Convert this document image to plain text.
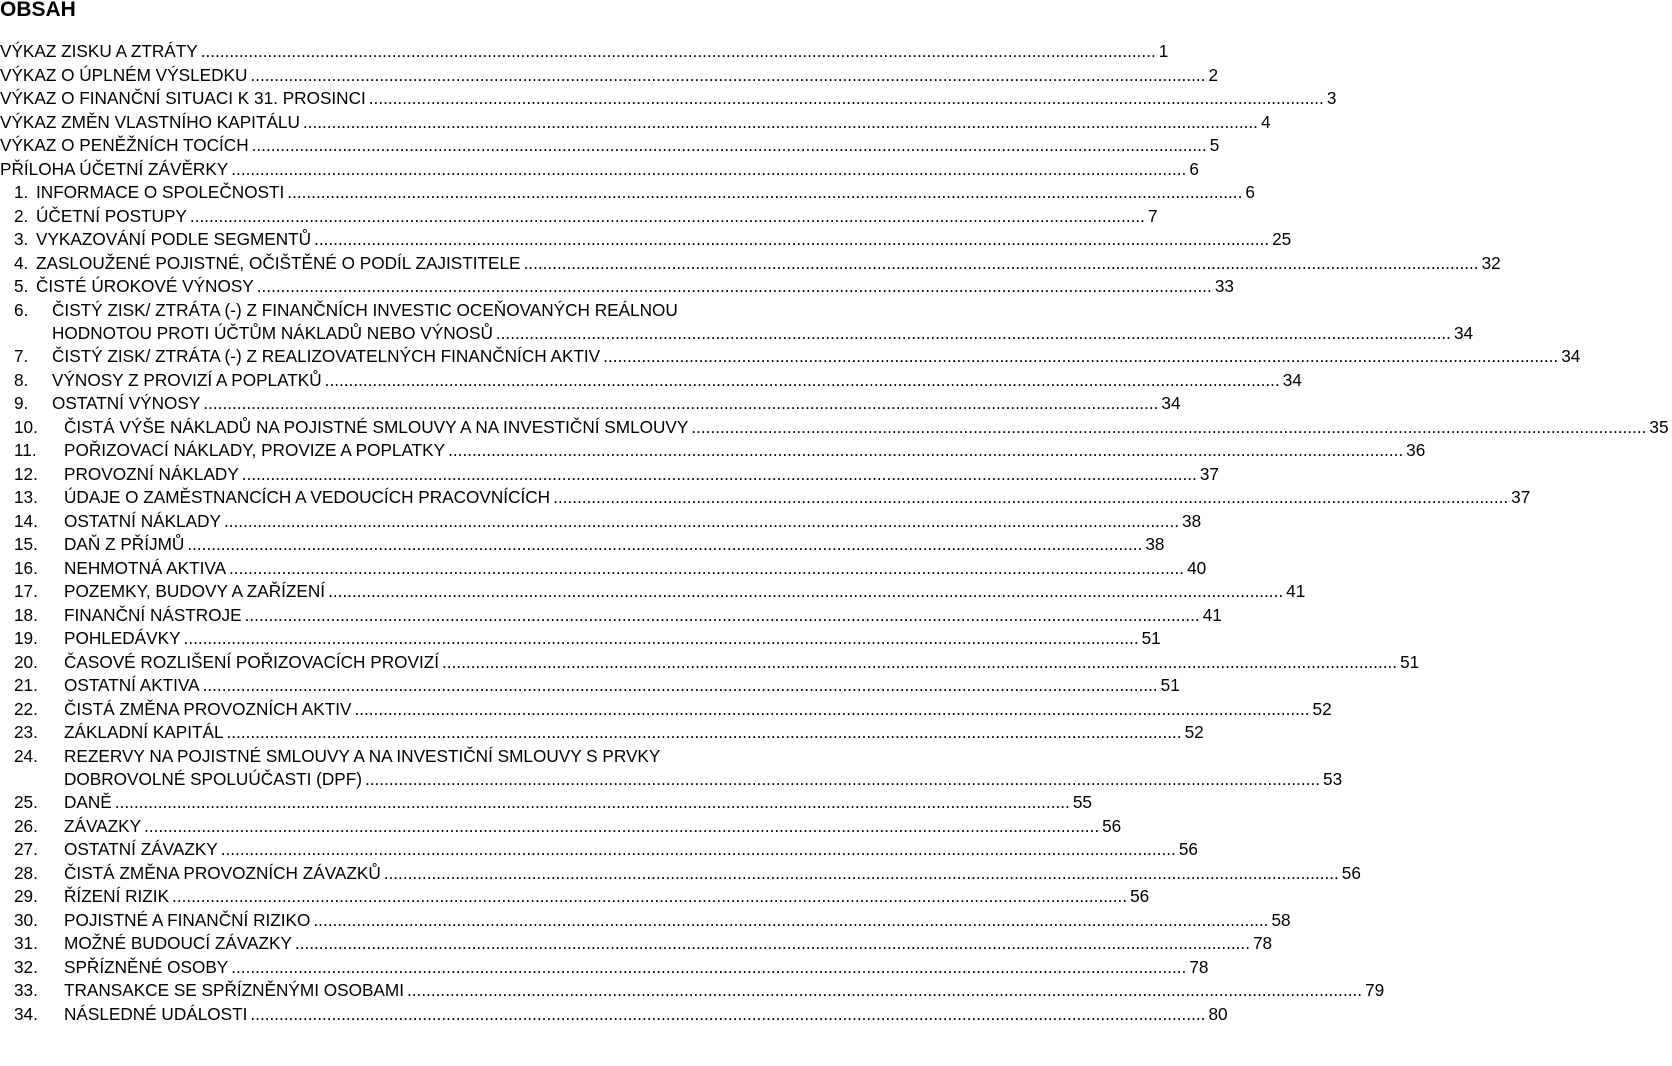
OBSAH
VÝKAZ ZISKU A ZTRÁTY .....	1
VÝKAZ O ÚPLNÉM VÝSLEDKU .....	2
VÝKAZ O FINANČNÍ SITUACI K 31. PROSINCI .....	3
VÝKAZ ZMĚN VLASTNÍHO KAPITÁLU .....	4
VÝKAZ O PENĚŽNÍCH TOCÍCH .....	5
PŘÍLOHA ÚČETNÍ ZÁVĚRKY .....	6
1. INFORMACE O SPOLEČNOSTI .....	6
2. ÚČETNÍ POSTUPY .....	7
3. VYKAZOVÁNÍ PODLE SEGMENTŮ .....	25
4. ZASLOUŽENÉ POJISTNÉ, OČIŠTĚNÉ O PODÍL ZAJISTITELE .....	32
5. ČISTÉ ÚROKOVÉ VÝNOSY .....	33
6. ČISTÝ ZISK/ ZTRÁTA (-) Z FINANČNÍCH INVESTIC OCEŇOVANÝCH REÁLNOU
HODNOTOU PROTI ÚČTŮM NÁKLADŮ NEBO VÝNOSŮ .....	34
7. ČISTÝ ZISK/ ZTRÁTA (-) Z REALIZOVATELNÝCH FINANČNÍCH AKTIV .....	34
8. VÝNOSY Z PROVIZÍ A POPLATKŮ .....	34
9. OSTATNÍ VÝNOSY .....	34
10. ČISTÁ VÝŠE NÁKLADŮ NA POJISTNÉ SMLOUVY A NA INVESTIČNÍ SMLOUVY .....	35
11. POŘIZOVACÍ NÁKLADY, PROVIZE A POPLATKY .....	36
12. PROVOZNÍ NÁKLADY .....	37
13. ÚDAJE O ZAMĚSTNANCÍCH A VEDOUCÍCH PRACOVNÍCÍCH .....	37
14. OSTATNÍ NÁKLADY .....	38
15. DAŇ Z PŘÍJMŮ .....	38
16. NEHMOTNÁ AKTIVA .....	40
17. POZEMKY, BUDOVY A ZAŘÍZENÍ .....	41
18. FINANČNÍ NÁSTROJE .....	41
19. POHLEDÁVKY .....	51
20. ČASOVÉ ROZLIŠENÍ POŘIZOVACÍCH PROVIZÍ .....	51
21. OSTATNÍ AKTIVA .....	51
22. ČISTÁ ZMĚNA PROVOZNÍCH AKTIV .....	52
23. ZÁKLADNÍ KAPITÁL .....	52
24. REZERVY NA POJISTNÉ SMLOUVY A NA INVESTIČNÍ SMLOUVY S PRVKY
DOBROVOLNÉ SPOLUÚČASTI (DPF) .....	53
25. DANĚ .....	55
26. ZÁVAZKY .....	56
27. OSTATNÍ ZÁVAZKY .....	56
28. ČISTÁ ZMĚNA PROVOZNÍCH ZÁVAZKŮ .....	56
29. ŘÍZENÍ RIZIK .....	56
30. POJISTNÉ A FINANČNÍ RIZIKO .....	58
31. MOŽNÉ BUDOUCÍ ZÁVAZKY .....	78
32. SPŘÍZNĚNÉ OSOBY .....	78
33. TRANSAKCE SE SPŘÍZNĚNÝMI OSOBAMI .....	79
34. NÁSLEDNÉ UDÁLOSTI .....	80
